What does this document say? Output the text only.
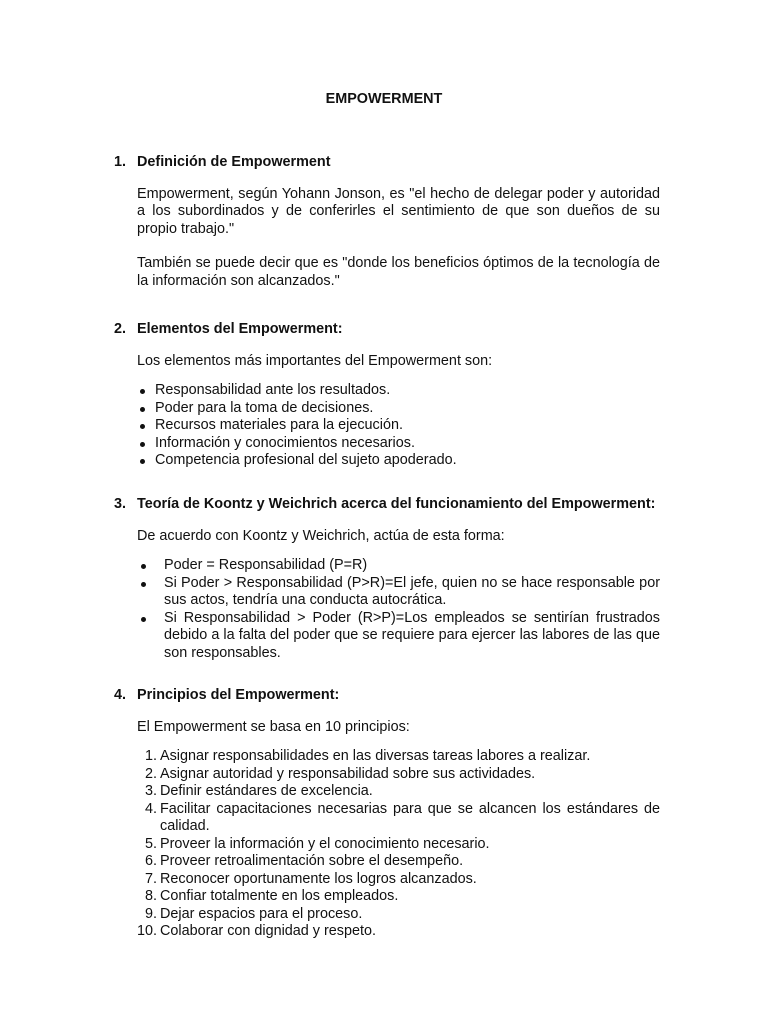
EMPOWERMENT
1. Definición de Empowerment

Empowerment, según Yohann Jonson, es "el hecho de delegar poder y autoridad a los subordinados y de conferirles el sentimiento de que son dueños de su propio trabajo."

También se puede decir que es "donde los beneficios óptimos de la tecnología de la información son alcanzados."

2. Elementos del Empowerment:

Los elementos más importantes del Empowerment son:

Responsabilidad ante los resultados.
Poder para la toma de decisiones.
Recursos materiales para la ejecución.
Información y conocimientos necesarios.
Competencia profesional del sujeto apoderado.
3. Teoría de Koontz y Weichrich acerca del funcionamiento del Empowerment:

De acuerdo con Koontz y Weichrich, actúa de esta forma:

Poder = Responsabilidad (P=R)
Si Poder > Responsabilidad (P>R)=El jefe, quien no se hace responsable por sus actos, tendría una conducta autocrática.
Si Responsabilidad > Poder (R>P)=Los empleados se sentirían frustrados debido a la falta del poder que se requiere para ejercer las labores de las que son responsables.
4. Principios del Empowerment:

El Empowerment se basa en 10 principios:

1. Asignar responsabilidades en las diversas tareas labores a realizar.
2. Asignar autoridad y responsabilidad sobre sus actividades.
3. Definir estándares de excelencia.
4. Facilitar capacitaciones necesarias para que se alcancen los estándares de calidad.
5. Proveer la información y el conocimiento necesario.
6. Proveer retroalimentación sobre el desempeño.
7. Reconocer oportunamente los logros alcanzados.
8. Confiar totalmente en los empleados.
9. Dejar espacios para el proceso.
10. Colaborar con dignidad y respeto.
